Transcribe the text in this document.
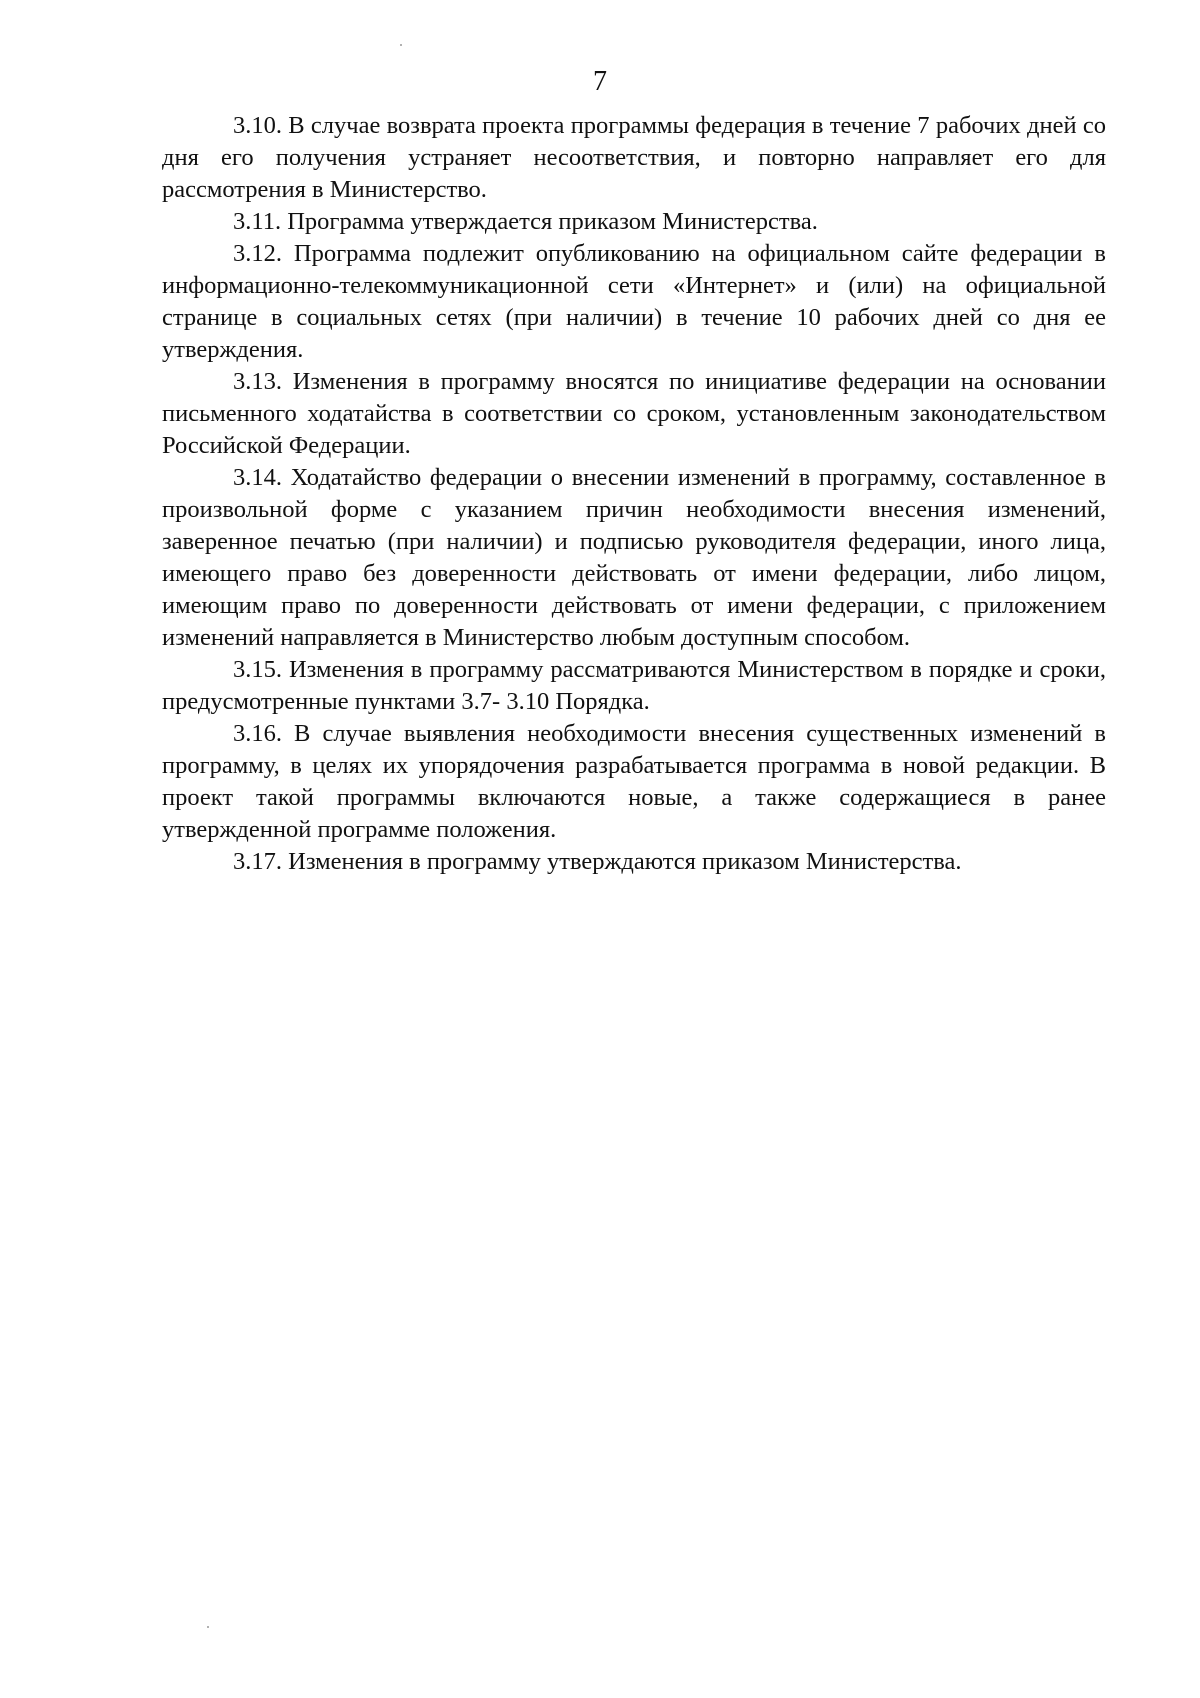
7

3.10. В случае возврата проекта программы федерация в течение 7 рабочих дней со дня его получения устраняет несоответствия, и повторно направляет его для рассмотрения в Министерство.

3.11. Программа утверждается приказом Министерства.

3.12. Программа подлежит опубликованию на официальном сайте федерации в информационно-телекоммуникационной сети «Интернет» и (или) на официальной странице в социальных сетях (при наличии) в течение 10 рабочих дней со дня ее утверждения.

3.13. Изменения в программу вносятся по инициативе федерации на основании письменного ходатайства в соответствии со сроком, установленным законодательством Российской Федерации.

3.14. Ходатайство федерации о внесении изменений в программу, составленное в произвольной форме с указанием причин необходимости внесения изменений, заверенное печатью (при наличии) и подписью руководителя федерации, иного лица, имеющего право без доверенности действовать от имени федерации, либо лицом, имеющим право по доверенности действовать от имени федерации, с приложением изменений направляется в Министерство любым доступным способом.

3.15. Изменения в программу рассматриваются Министерством в порядке и сроки, предусмотренные пунктами 3.7- 3.10 Порядка.

3.16. В случае выявления необходимости внесения существенных изменений в программу, в целях их упорядочения разрабатывается программа в новой редакции. В проект такой программы включаются новые, а также содержащиеся в ранее утвержденной программе положения.

3.17. Изменения в программу утверждаются приказом Министерства.
